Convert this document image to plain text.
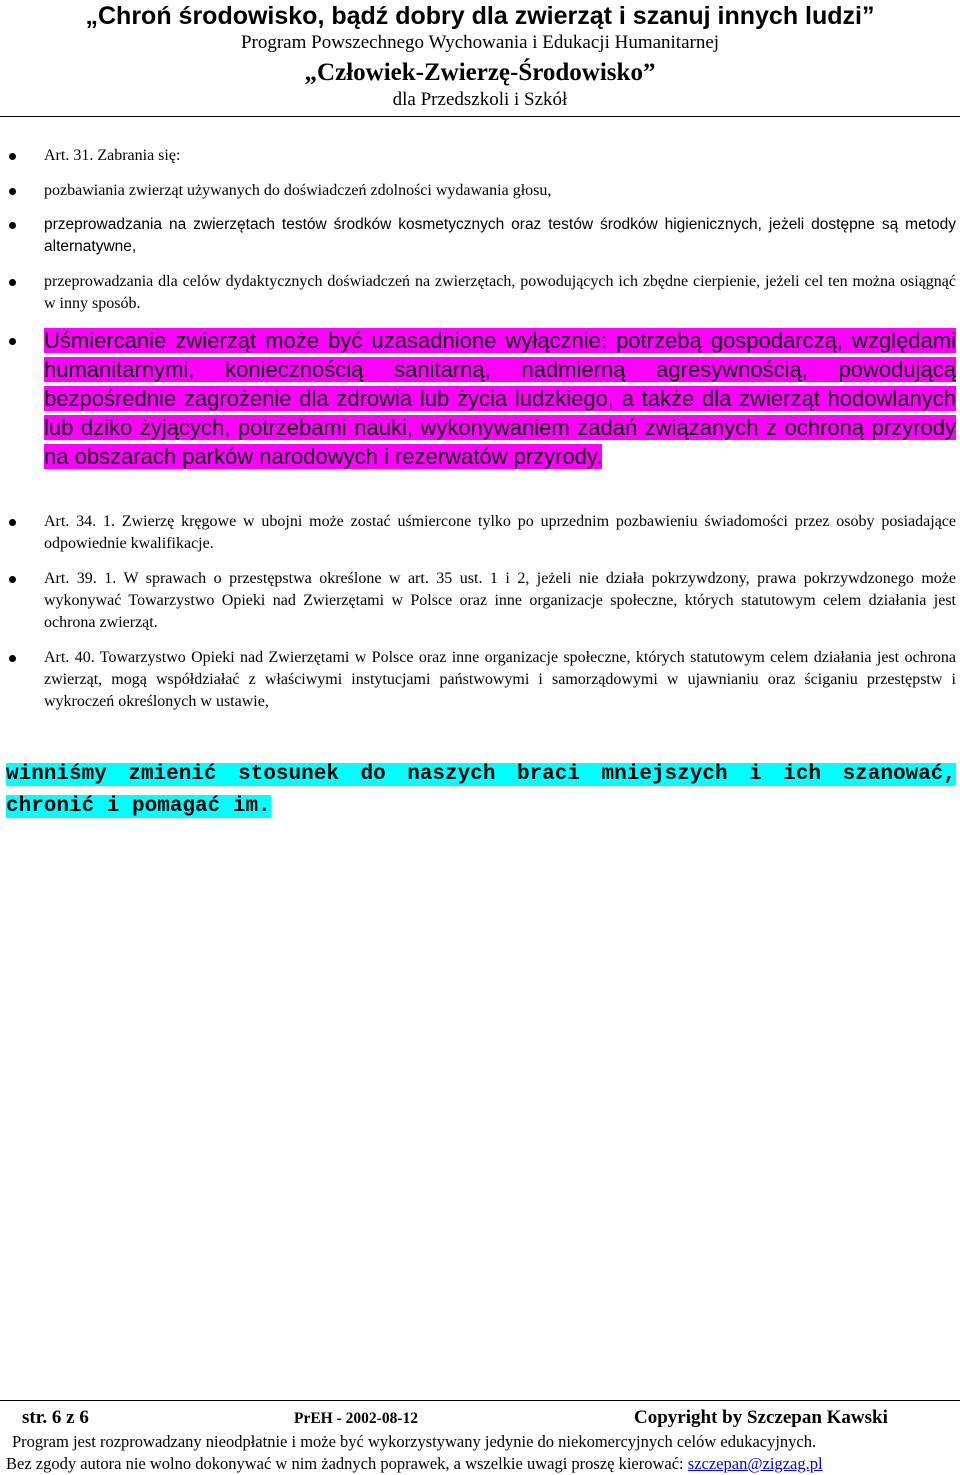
„Chroń środowisko, bądź dobry dla zwierząt i szanuj innych ludzi”
Program Powszechnego Wychowania i Edukacji Humanitarnej
„Człowiek-Zwierzę-Środowisko”
dla Przedszkoli i Szkół
Art. 31. Zabrania się:
pozbawiania zwierząt używanych do doświadczeń zdolności wydawania głosu,
przeprowadzania na zwierzętach testów środków kosmetycznych oraz testów środków higienicznych, jeżeli dostępne są metody alternatywne,
przeprowadzania dla celów dydaktycznych doświadczeń na zwierzętach, powodujących ich zbędne cierpienie, jeżeli cel ten można osiągnąć w inny sposób.
Uśmiercanie zwierząt może być uzasadnione wyłącznie: potrzebą gospodarczą, względami humanitarnymi, koniecznością sanitarną, nadmierną agresywnością, powodującą bezpośrednie zagrożenie dla zdrowia lub życia ludzkiego, a także dla zwierząt hodowlanych lub dziko żyjących, potrzebami nauki, wykonywaniem zadań związanych z ochroną przyrody na obszarach parków narodowych i rezerwatów przyrody.
Art. 34. 1. Zwierzę kręgowe w ubojni może zostać uśmiercone tylko po uprzednim pozbawieniu świadomości przez osoby posiadające odpowiednie kwalifikacje.
Art. 39. 1. W sprawach o przestępstwa określone w art. 35 ust. 1 i 2, jeżeli nie działa pokrzywdzony, prawa pokrzywdzonego może wykonywać Towarzystwo Opieki nad Zwierzętami w Polsce oraz inne organizacje społeczne, których statutowym celem działania jest ochrona zwierząt.
Art. 40. Towarzystwo Opieki nad Zwierzętami w Polsce oraz inne organizacje społeczne, których statutowym celem działania jest ochrona zwierząt, mogą współdziałać z właściwymi instytucjami państwowymi i samorządowymi w ujawnianiu oraz ściganiu przestępstw i wykroczeń określonych w ustawie,
winniśmy zmienić stosunek do naszych braci mniejszych i ich szanować, chronić i pomagać im.
str. 6 z 6	PrEH - 2002-08-12	Copyright by Szczepan Kawski
Program jest rozprowadzany nieodpłatnie i może być wykorzystywany jedynie do niekomercyjnych celów edukacyjnych.
Bez zgody autora nie wolno dokonywać w nim żadnych poprawek, a wszelkie uwagi proszę kierować: szczepan@zigzag.pl
